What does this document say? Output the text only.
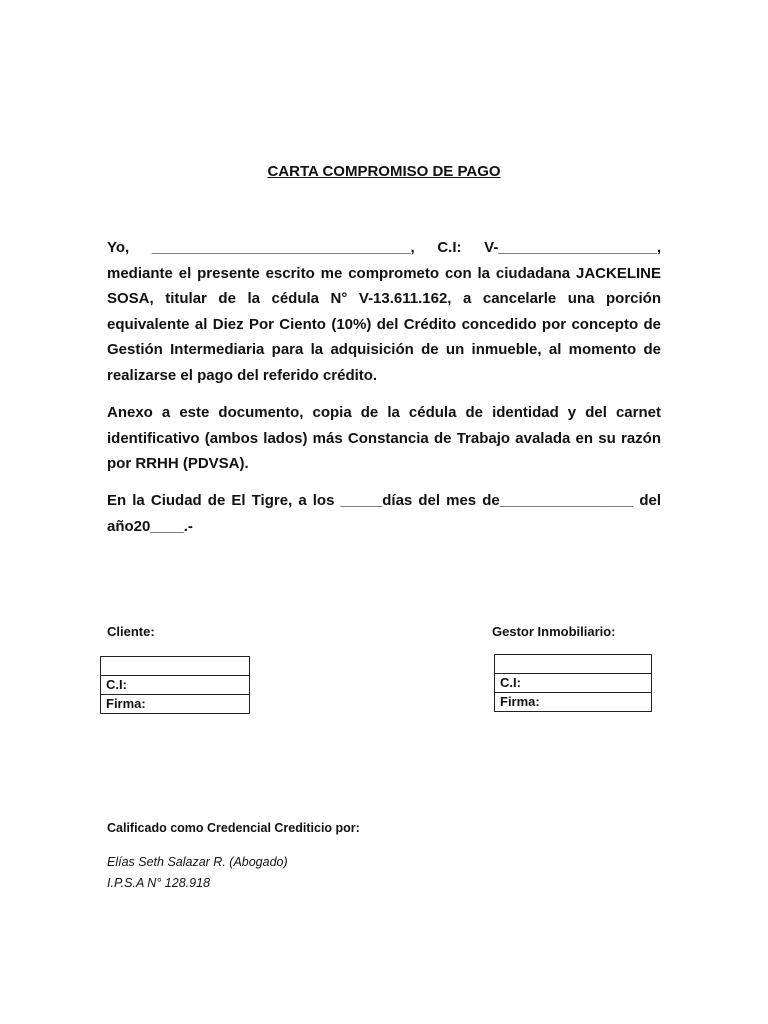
CARTA COMPROMISO DE PAGO
Yo, _______________________________, C.I: V-___________________,
mediante el presente escrito me comprometo con la ciudadana JACKELINE SOSA, titular de la cédula N° V-13.611.162, a cancelarle una porción equivalente al Diez Por Ciento (10%) del Crédito concedido por concepto de Gestión Intermediaria para la adquisición de un inmueble, al momento de realizarse el pago del referido crédito.
Anexo a este documento, copia de la cédula de identidad y del carnet identificativo (ambos lados) más Constancia de Trabajo avalada en su razón por RRHH (PDVSA).
En la Ciudad de El Tigre, a los _____días del mes de________________ del año20____.-
Cliente:	Gestor Inmobiliario:

C.I:
Firma:

C.I:
Firma:
Calificado como Credencial Crediticio por:
Elías Seth Salazar R. (Abogado)
I.P.S.A N° 128.918
